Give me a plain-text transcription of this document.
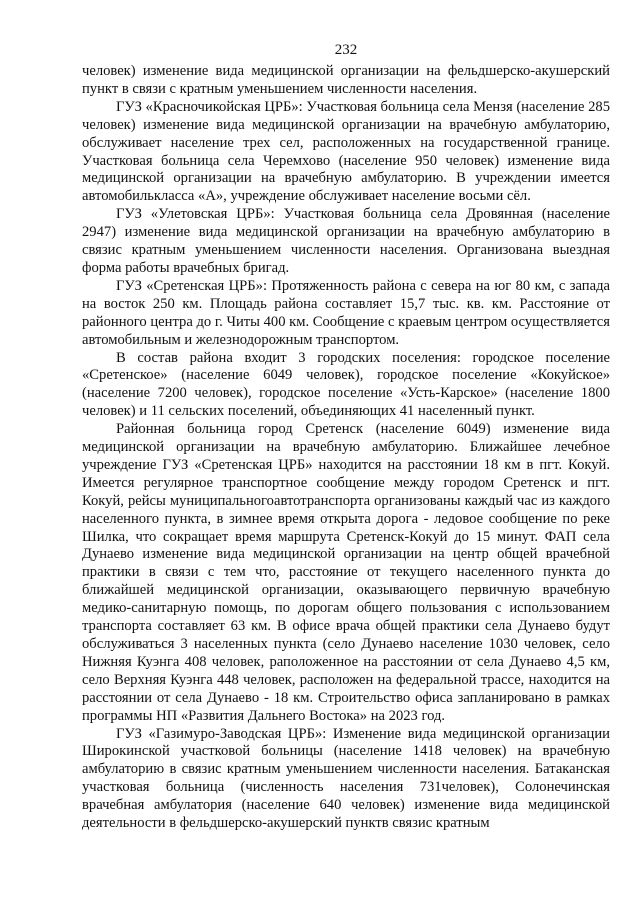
232

человек) изменение вида медицинской организации на фельдшерско-акушерский пункт в связи с кратным уменьшением численности населения.

ГУЗ «Красночикойская ЦРБ»: Участковая больница села Мензя (население 285 человек) изменение вида медицинской организации на врачебную амбулаторию, обслуживает население трех сел, расположенных на государственной границе. Участковая больница села Черемхово (население 950 человек) изменение вида медицинской организации на врачебную амбулаторию. В учреждении имеется автомобилькласса «А», учреждение обслуживает население восьми сёл.

ГУЗ «Улетовская ЦРБ»: Участковая больница села Дровянная (население 2947) изменение вида медицинской организации на врачебную амбулаторию в связис кратным уменьшением численности населения. Организована выездная форма работы врачебных бригад.

ГУЗ «Сретенская ЦРБ»: Протяженность района с севера на юг 80 км, с запада на восток 250 км. Площадь района составляет 15,7 тыс. кв. км. Расстояние от районного центра до г. Читы 400 км. Сообщение с краевым центром осуществляется автомобильным и железнодорожным транспортом.

В состав района входит 3 городских поселения: городское поселение «Сретенское» (население 6049 человек), городское поселение «Кокуйское» (население 7200 человек), городское поселение «Усть-Карское» (население 1800 человек) и 11 сельских поселений, объединяющих 41 населенный пункт.

Районная больница город Сретенск (население 6049) изменение вида медицинской организации на врачебную амбулаторию. Ближайшее лечебное учреждение ГУЗ «Сретенская ЦРБ» находится на расстоянии 18 км в пгт. Кокуй. Имеется регулярное транспортное сообщение между городом Сретенск и пгт. Кокуй, рейсы муниципальногоавтотранспорта организованы каждый час из каждого населенного пункта, в зимнее время открыта дорога - ледовое сообщение по реке Шилка, что сокращает время маршрута Сретенск-Кокуй до 15 минут. ФАП села Дунаево изменение вида медицинской организации на центр общей врачебной практики в связи с тем что, расстояние от текущего населенного пункта до ближайшей медицинской организации, оказывающего первичную врачебную медико-санитарную помощь, по дорогам общего пользования с использованием транспорта составляет 63 км. В офисе врача общей практики села Дунаево будут обслуживаться 3 населенных пункта (село Дунаево население 1030 человек, село Нижняя Куэнга 408 человек, раположенное на расстоянии от села Дунаево 4,5 км, село Верхняя Куэнга 448 человек, расположен на федеральной трассе, находится на расстоянии от села Дунаево - 18 км. Строительство офиса запланировано в рамках программы НП «Развития Дальнего Востока» на 2023 год.

ГУЗ «Газимуро-Заводская ЦРБ»: Изменение вида медицинской организации Широкинской участковой больницы (население 1418 человек) на врачебную амбулаторию в связис кратным уменьшением численности населения. Батаканская участковая больница (численность населения 731человек), Солонечинская врачебная амбулатория (население 640 человек) изменение вида медицинской деятельности в фельдшерско-акушерский пунктв связис кратным
